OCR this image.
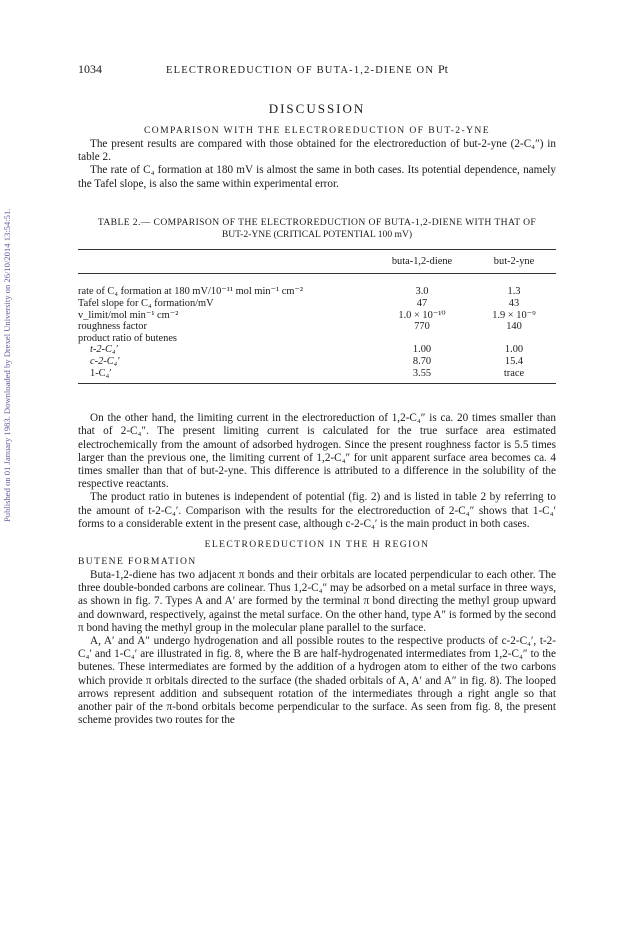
Published on 01 January 1983. Downloaded by Drexel University on 26/10/2014 13:54:51.
1034	ELECTROREDUCTION OF BUTA-1,2-DIENE ON Pt
DISCUSSION
COMPARISON WITH THE ELECTROREDUCTION OF BUT-2-YNE

The present results are compared with those obtained for the electroreduction of but-2-yne (2-C₄″) in table 2.

The rate of C₄ formation at 180 mV is almost the same in both cases. Its potential dependence, namely the Tafel slope, is also the same within experimental error.

TABLE 2.— COMPARISON OF THE ELECTROREDUCTION OF BUTA-1,2-DIENE WITH THAT OF
BUT-2-YNE (CRITICAL POTENTIAL 100 mV)
	buta-1,2-diene	but-2-yne
rate of C₄ formation at 180 mV/10⁻¹¹ mol min⁻¹ cm⁻²	3.0	1.3
Tafel slope for C₄ formation/mV	47	43
v_limit/mol min⁻¹ cm⁻²	1.0 × 10⁻¹⁰	1.9 × 10⁻⁹
roughness factor	770	140
product ratio of butenes		
t-2-C₄′	1.00	1.00
c-2-C₄′	8.70	15.4
1-C₄′	3.55	trace

On the other hand, the limiting current in the electroreduction of 1,2-C₄″ is ca. 20 times smaller than that of 2-C₄″. The present limiting current is calculated for the true surface area estimated electrochemically from the amount of adsorbed hydrogen. Since the present roughness factor is 5.5 times larger than the previous one, the limiting current of 1,2-C₄″ for unit apparent surface area becomes ca. 4 times smaller than that of but-2-yne. This difference is attributed to a difference in the solubility of the respective reactants.

The product ratio in butenes is independent of potential (fig. 2) and is listed in table 2 by referring to the amount of t-2-C₄′. Comparison with the results for the electroreduction of 2-C₄″ shows that 1-C₄′ forms to a considerable extent in the present case, although c-2-C₄′ is the main product in both cases.

ELECTROREDUCTION IN THE H REGION
BUTENE FORMATION

Buta-1,2-diene has two adjacent π bonds and their orbitals are located perpendicular to each other. The three double-bonded carbons are colinear. Thus 1,2-C₄″ may be adsorbed on a metal surface in three ways, as shown in fig. 7. Types A and A′ are formed by the terminal π bond directing the methyl group upward and downward, respectively, against the metal surface. On the other hand, type A″ is formed by the second π bond having the methyl group in the molecular plane parallel to the surface.

A, A′ and A″ undergo hydrogenation and all possible routes to the respective products of c-2-C₄′, t-2-C₄′ and 1-C₄′ are illustrated in fig. 8, where the B are half-hydrogenated intermediates from 1,2-C₄″ to the butenes. These intermediates are formed by the addition of a hydrogen atom to either of the two carbons which provide π orbitals directed to the surface (the shaded orbitals of A, A′ and A″ in fig. 8). The looped arrows represent addition and subsequent rotation of the intermediates through a right angle so that another pair of the π-bond orbitals become perpendicular to the surface. As seen from fig. 8, the present scheme provides two routes for the
